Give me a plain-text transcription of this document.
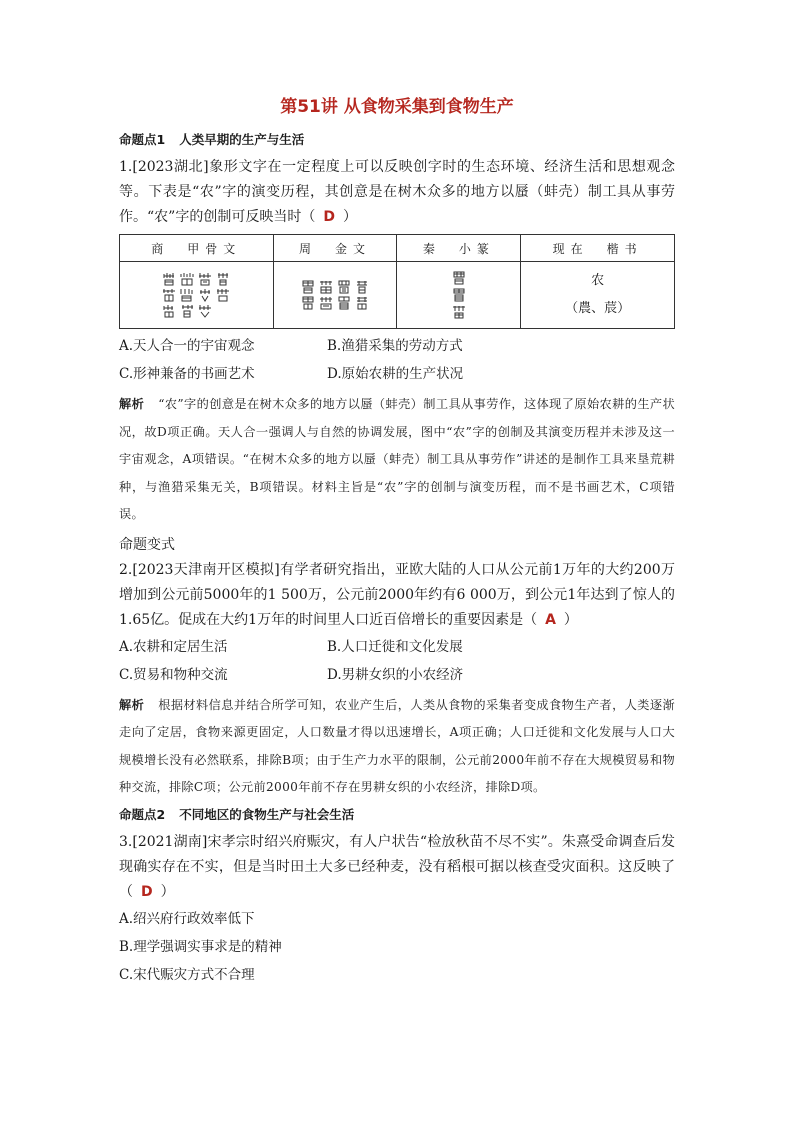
第51讲 从食物采集到食物生产
命题点1 人类早期的生产与生活

1.[2023湖北]象形文字在一定程度上可以反映创字时的生态环境、经济生活和思想观念等。下表是“农”字的演变历程，其创意是在树木众多的地方以蜃（蚌壳）制工具从事劳作。“农”字的创制可反映当时（ D ）

商　甲骨文	周　金文	秦　小篆	现在　楷书

农
（農、莀）
A.天人合一的宇宙观念	B.渔猎采集的劳动方式
C.形神兼备的书画艺术	D.原始农耕的生产状况

解析 “农”字的创意是在树木众多的地方以蜃（蚌壳）制工具从事劳作，这体现了原始农耕的生产状况，故D项正确。天人合一强调人与自然的协调发展，图中“农”字的创制及其演变历程并未涉及这一宇宙观念，A项错误。“在树木众多的地方以蜃（蚌壳）制工具从事劳作”讲述的是制作工具来垦荒耕种，与渔猎采集无关，B项错误。材料主旨是“农”字的创制与演变历程，而不是书画艺术，C项错误。

命题变式

2.[2023天津南开区模拟]有学者研究指出，亚欧大陆的人口从公元前1万年的大约200万增加到公元前5000年的1 500万，公元前2000年约有6 000万，到公元1年达到了惊人的1.65亿。促成在大约1万年的时间里人口近百倍增长的重要因素是（ A ）

A.农耕和定居生活	B.人口迁徙和文化发展
C.贸易和物种交流	D.男耕女织的小农经济

解析 根据材料信息并结合所学可知，农业产生后，人类从食物的采集者变成食物生产者，人类逐渐走向了定居，食物来源更固定，人口数量才得以迅速增长，A项正确；人口迁徙和文化发展与人口大规模增长没有必然联系，排除B项；由于生产力水平的限制，公元前2000年前不存在大规模贸易和物种交流，排除C项；公元前2000年前不存在男耕女织的小农经济，排除D项。

命题点2 不同地区的食物生产与社会生活

3.[2021湖南]宋孝宗时绍兴府赈灾，有人户状告“检放秋苗不尽不实”。朱熹受命调查后发现确实存在不实，但是当时田土大多已经种麦，没有稻根可据以核查受灾面积。这反映了（ D ）

A.绍兴府行政效率低下
B.理学强调实事求是的精神
C.宋代赈灾方式不合理
